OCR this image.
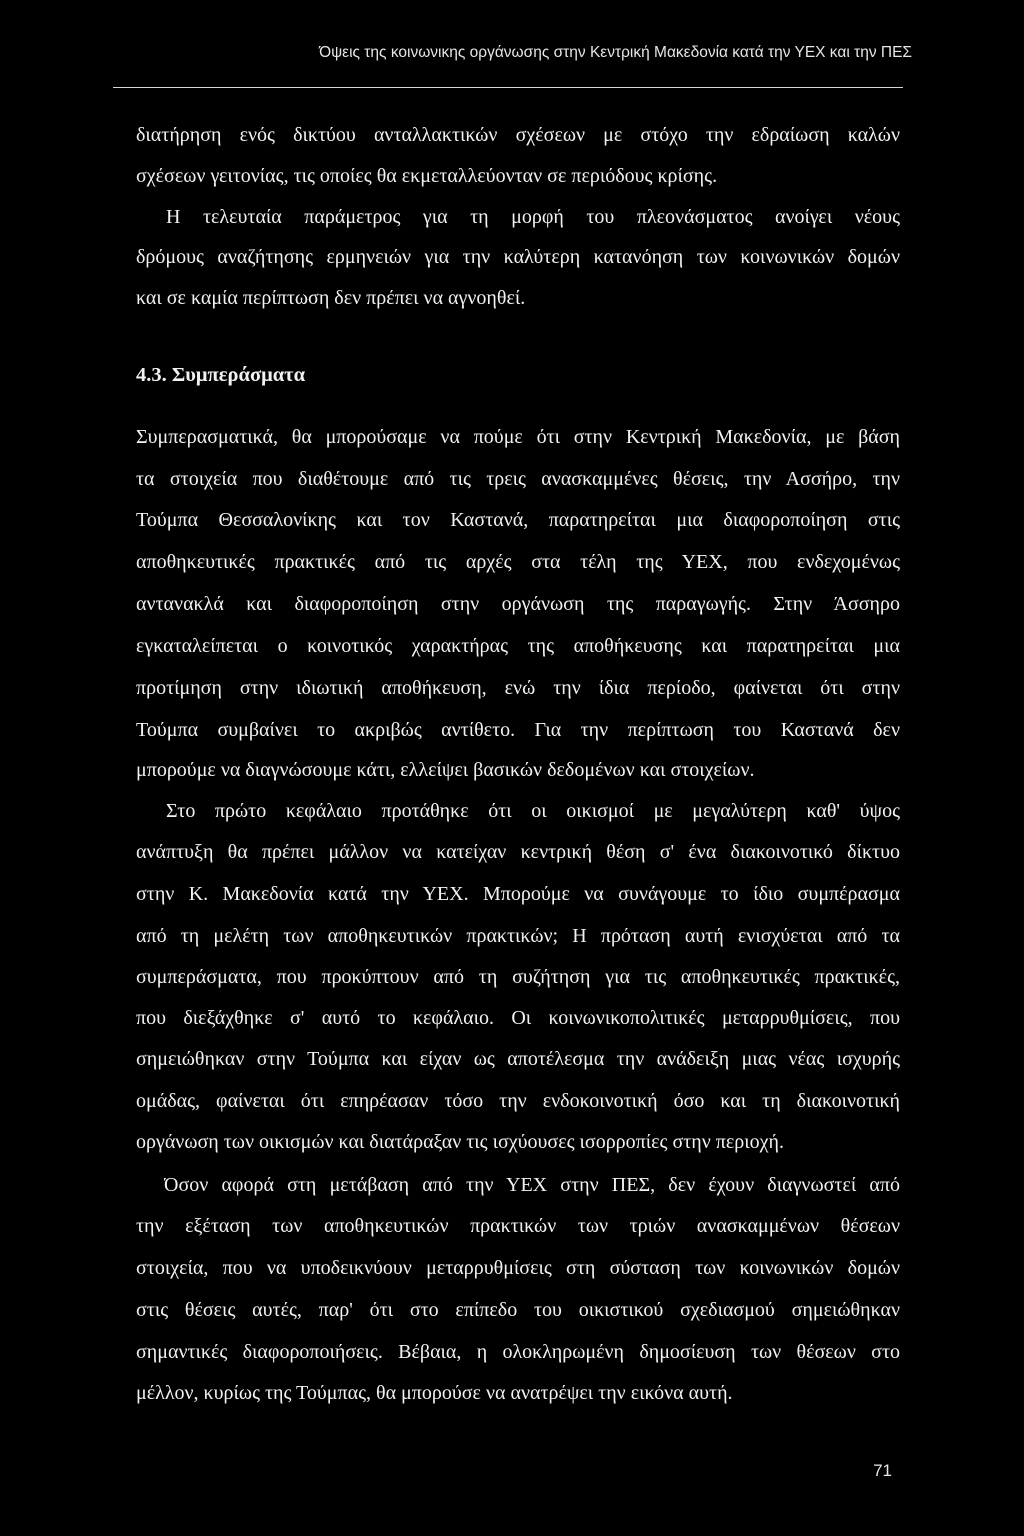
Όψεις της κοινωνικης οργάνωσης στην Κεντρική Μακεδονία κατά την ΥΕΧ και την ΠΕΣ
διατήρηση ενός δικτύου ανταλλακτικών σχέσεων με στόχο την εδραίωση καλών
σχέσεων γειτονίας, τις οποίες θα εκμεταλλεύονταν σε περιόδους κρίσης.
Η τελευταία παράμετρος για τη μορφή του πλεονάσματος ανοίγει νέους
δρόμους αναζήτησης ερμηνειών για την καλύτερη κατανόηση των κοινωνικών δομών
και σε καμία περίπτωση δεν πρέπει να αγνοηθεί.
4.3. Συμπεράσματα
Συμπερασματικά, θα μπορούσαμε να πούμε ότι στην Κεντρική Μακεδονία, με βάση
τα στοιχεία που διαθέτουμε από τις τρεις ανασκαμμένες θέσεις, την Ασσήρο, την
Τούμπα Θεσσαλονίκης και τον Καστανά, παρατηρείται μια διαφοροποίηση στις
αποθηκευτικές πρακτικές από τις αρχές στα τέλη της ΥΕΧ, που ενδεχομένως
αντανακλά και διαφοροποίηση στην οργάνωση της παραγωγής. Στην Άσσηρο
εγκαταλείπεται ο κοινοτικός χαρακτήρας της αποθήκευσης και παρατηρείται μια
προτίμηση στην ιδιωτική αποθήκευση, ενώ την ίδια περίοδο, φαίνεται ότι στην
Τούμπα συμβαίνει το ακριβώς αντίθετο. Για την περίπτωση του Καστανά δεν
μπορούμε να διαγνώσουμε κάτι, ελλείψει βασικών δεδομένων και στοιχείων.
Στο πρώτο κεφάλαιο προτάθηκε ότι οι οικισμοί με μεγαλύτερη καθ' ύψος
ανάπτυξη θα πρέπει μάλλον να κατείχαν κεντρική θέση σ' ένα διακοινοτικό δίκτυο
στην Κ. Μακεδονία κατά την ΥΕΧ. Μπορούμε να συνάγουμε το ίδιο συμπέρασμα
από τη μελέτη των αποθηκευτικών πρακτικών; Η πρόταση αυτή ενισχύεται από τα
συμπεράσματα, που προκύπτουν από τη συζήτηση για τις αποθηκευτικές πρακτικές,
που διεξάχθηκε σ' αυτό το κεφάλαιο. Οι κοινωνικοπολιτικές μεταρρυθμίσεις, που
σημειώθηκαν στην Τούμπα και είχαν ως αποτέλεσμα την ανάδειξη μιας νέας ισχυρής
ομάδας, φαίνεται ότι επηρέασαν τόσο την ενδοκοινοτική όσο και τη διακοινοτική
οργάνωση των οικισμών και διατάραξαν τις ισχύουσες ισορροπίες στην περιοχή.
Όσον αφορά στη μετάβαση από την ΥΕΧ στην ΠΕΣ, δεν έχουν διαγνωστεί από
την εξέταση των αποθηκευτικών πρακτικών των τριών ανασκαμμένων θέσεων
στοιχεία, που να υποδεικνύουν μεταρρυθμίσεις στη σύσταση των κοινωνικών δομών
στις θέσεις αυτές, παρ' ότι στο επίπεδο του οικιστικού σχεδιασμού σημειώθηκαν
σημαντικές διαφοροποιήσεις. Βέβαια, η ολοκληρωμένη δημοσίευση των θέσεων στο
μέλλον, κυρίως της Τούμπας, θα μπορούσε να ανατρέψει την εικόνα αυτή.
71
